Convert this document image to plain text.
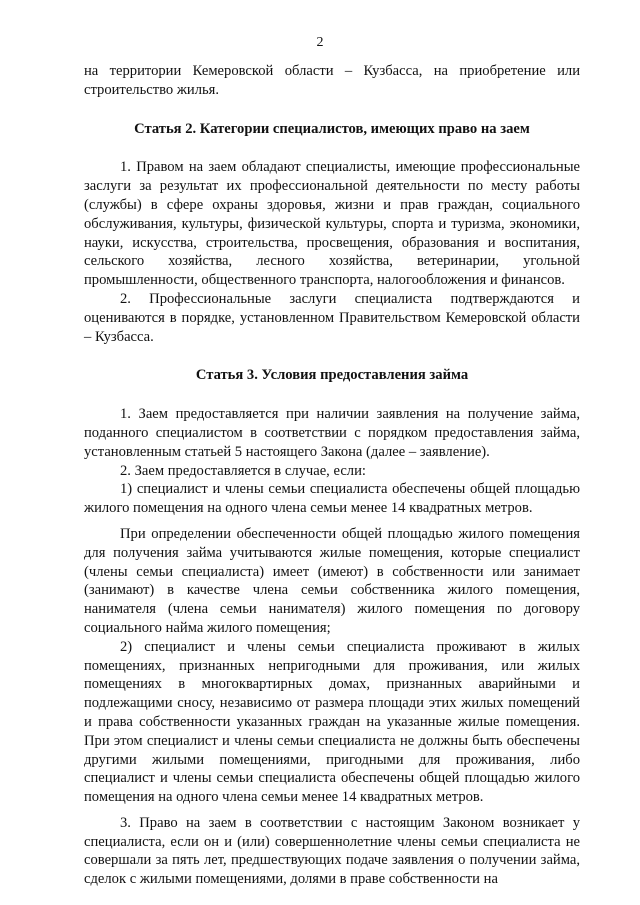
2

на территории Кемеровской области – Кузбасса, на приобретение или строительство жилья.

Статья 2. Категории специалистов, имеющих право на заем

1. Правом на заем обладают специалисты, имеющие профессиональные заслуги за результат их профессиональной деятельности по месту работы (службы) в сфере охраны здоровья, жизни и прав граждан, социального обслуживания, культуры, физической культуры, спорта и туризма, экономики, науки, искусства, строительства, просвещения, образования и воспитания, сельского хозяйства, лесного хозяйства, ветеринарии, угольной промышленности, общественного транспорта, налогообложения и финансов.

2. Профессиональные заслуги специалиста подтверждаются и оцениваются в порядке, установленном Правительством Кемеровской области – Кузбасса.

Статья 3. Условия предоставления займа

1. Заем предоставляется при наличии заявления на получение займа, поданного специалистом в соответствии с порядком предоставления займа, установленным статьей 5 настоящего Закона (далее – заявление).

2. Заем предоставляется в случае, если:

1) специалист и члены семьи специалиста обеспечены общей площадью жилого помещения на одного члена семьи менее 14 квадратных метров.

При определении обеспеченности общей площадью жилого помещения для получения займа учитываются жилые помещения, которые специалист (члены семьи специалиста) имеет (имеют) в собственности или занимает (занимают) в качестве члена семьи собственника жилого помещения, нанимателя (члена семьи нанимателя) жилого помещения по договору социального найма жилого помещения;

2) специалист и члены семьи специалиста проживают в жилых помещениях, признанных непригодными для проживания, или жилых помещениях в многоквартирных домах, признанных аварийными и подлежащими сносу, независимо от размера площади этих жилых помещений и права собственности указанных граждан на указанные жилые помещения. При этом специалист и члены семьи специалиста не должны быть обеспечены другими жилыми помещениями, пригодными для проживания, либо специалист и члены семьи специалиста обеспечены общей площадью жилого помещения на одного члена семьи менее 14 квадратных метров.

3. Право на заем в соответствии с настоящим Законом возникает у специалиста, если он и (или) совершеннолетние члены семьи специалиста не совершали за пять лет, предшествующих подаче заявления о получении займа, сделок с жилыми помещениями, долями в праве собственности на
